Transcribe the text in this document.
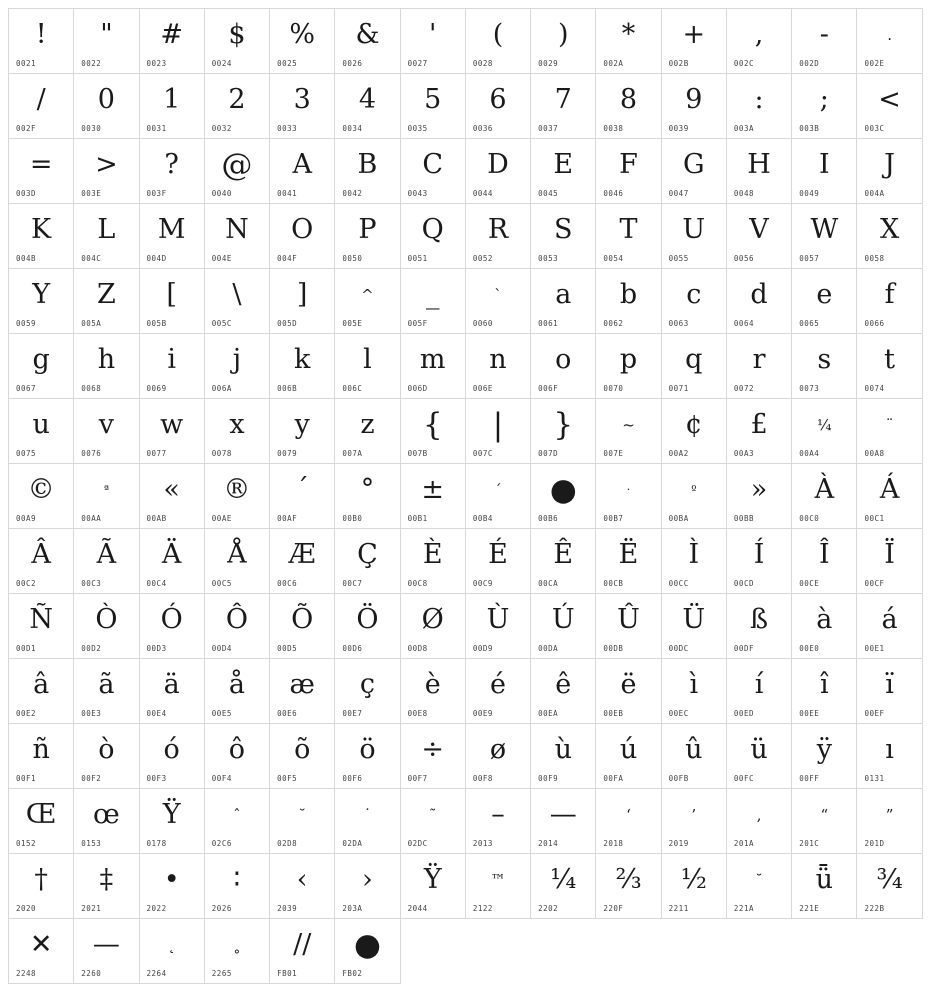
!
0021
"
0022
#
0023
$
0024
%
0025
&
0026
'
0027
(
0028
)
0029
*
002A
+
002B
,
002C
-
002D
.
002E
/
002F
0
0030
1
0031
2
0032
3
0033
4
0034
5
0035
6
0036
7
0037
8
0038
9
0039
:
003A
;
003B
<
003C
=
003D
>
003E
?
003F
@
0040
A
0041
B
0042
C
0043
D
0044
E
0045
F
0046
G
0047
H
0048
I
0049
J
004A
K
004B
L
004C
M
004D
N
004E
O
004F
P
0050
Q
0051
R
0052
S
0053
T
0054
U
0055
V
0056
W
0057
X
0058
Y
0059
Z
005A
[
005B
\
005C
]
005D
^
005E
_
005F
`
0060
a
0061
b
0062
c
0063
d
0064
e
0065
f
0066
g
0067
h
0068
i
0069
j
006A
k
006B
l
006C
m
006D
n
006E
o
006F
p
0070
q
0071
r
0072
s
0073
t
0074
u
0075
v
0076
w
0077
x
0078
y
0079
z
007A
{
007B
|
007C
}
007D
~
007E
¢
00A2
£
00A3
¼
00A4
¨
00A8
©
00A9
ª
00AA
«
00AB
®
00AE
´
00AF
°
00B0
±
00B1
´
00B4
●
00B6
·
00B7
º
00BA
»
00BB
À
00C0
Á
00C1
Â
00C2
Ã
00C3
Ä
00C4
Å
00C5
Æ
00C6
Ç
00C7
È
00C8
É
00C9
Ê
00CA
Ë
00CB
Ì
00CC
Í
00CD
Î
00CE
Ï
00CF
Ñ
00D1
Ò
00D2
Ó
00D3
Ô
00D4
Õ
00D5
Ö
00D6
Ø
00D8
Ù
00D9
Ú
00DA
Û
00DB
Ü
00DC
ß
00DF
à
00E0
á
00E1
â
00E2
ã
00E3
ä
00E4
å
00E5
æ
00E6
ç
00E7
è
00E8
é
00E9
ê
00EA
ë
00EB
ì
00EC
í
00ED
î
00EE
ï
00EF
ñ
00F1
ò
00F2
ó
00F3
ô
00F4
õ
00F5
ö
00F6
÷
00F7
ø
00F8
ù
00F9
ú
00FA
û
00FB
ü
00FC
ÿ
00FF
ı
0131
Œ
0152
œ
0153
Ÿ
0178
ˆ
02C6
˘
02D8
˙
02DA
˜
02DC
–
2013
—
2014
‘
2018
’
2019
‚
201A
“
201C
”
201D
†
2020
‡
2021
•
2022
∶
2026
‹
2039
›
203A
Ÿ
2044
™
2122
¼
2202
⅔
220F
½
2211
˘
221A
ǖ
221E
¾
222B
✕
2248
—
2260
˛
2264
˳
2265
//
FB01
●
FB02
